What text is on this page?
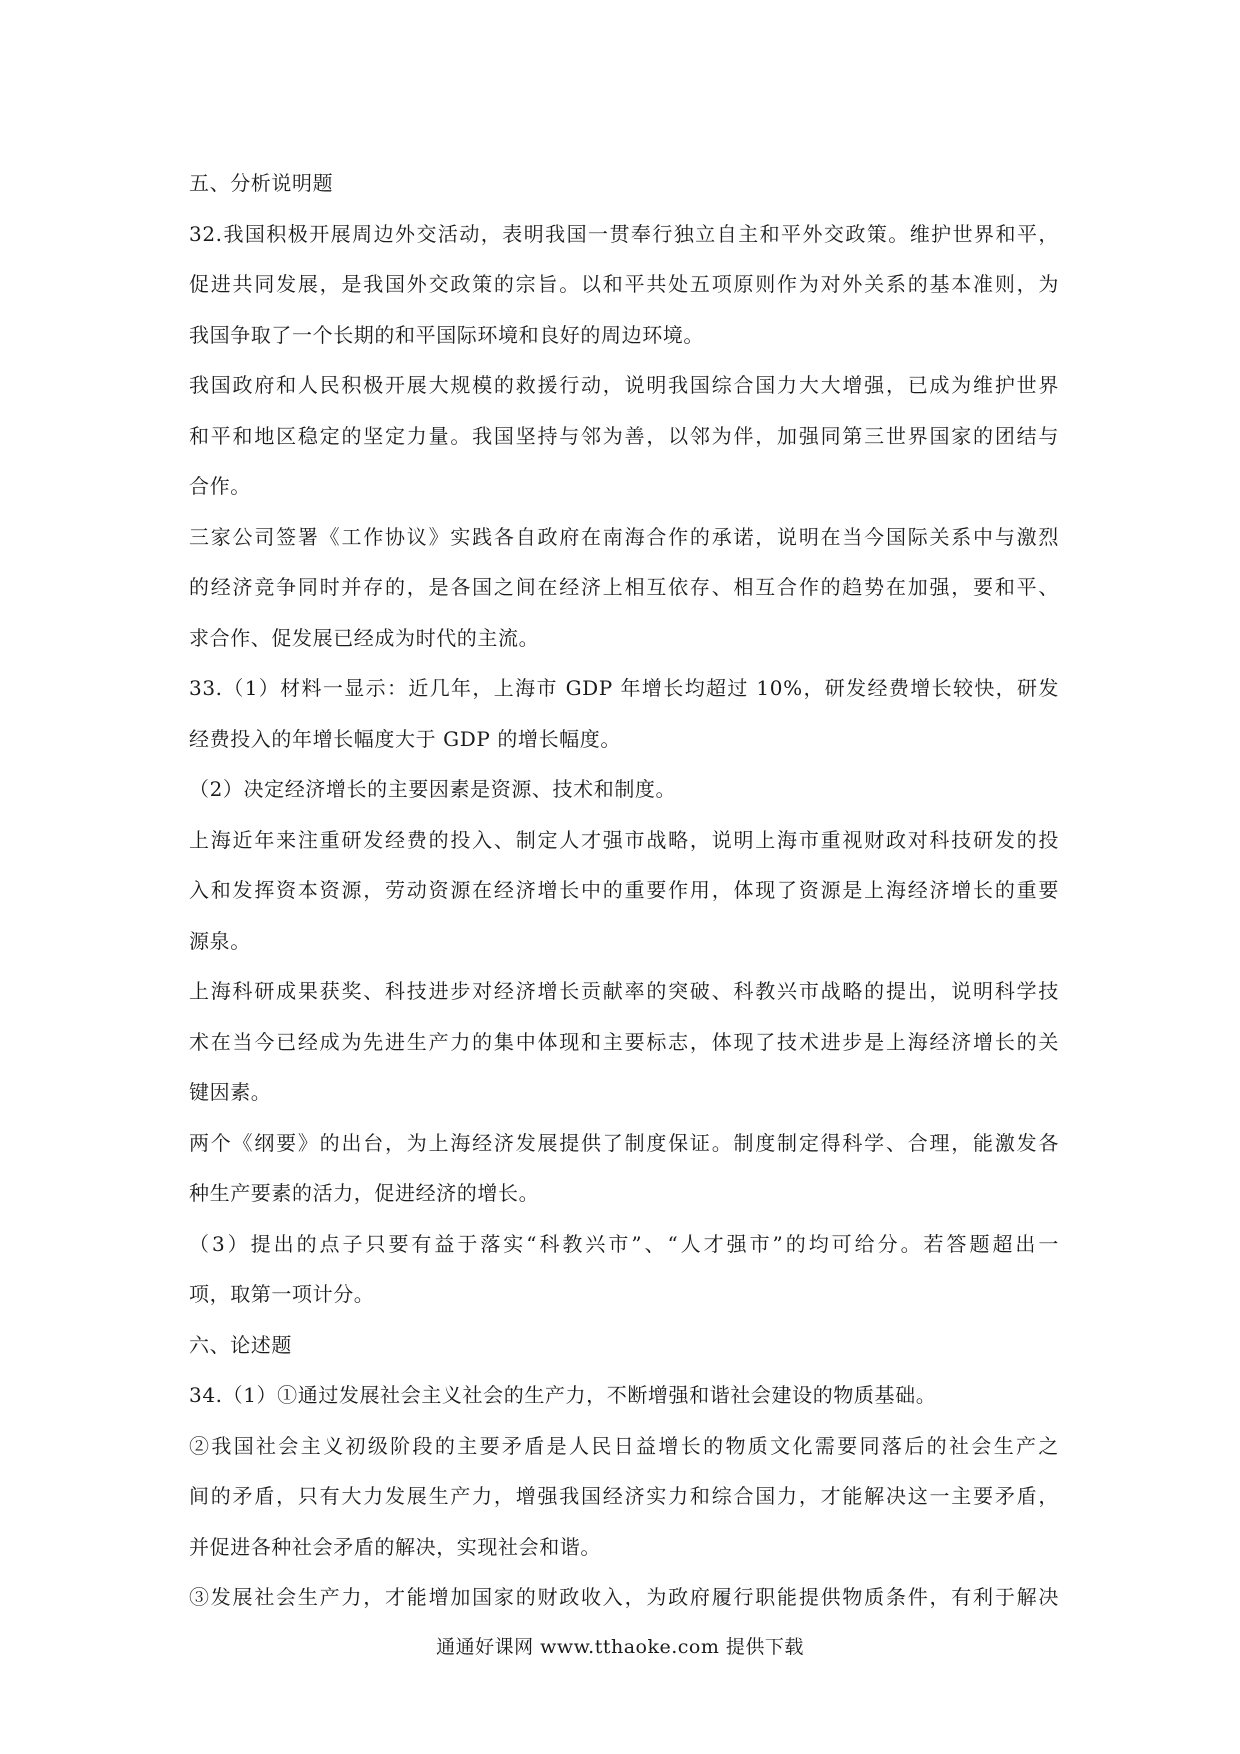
五、分析说明题
32.我国积极开展周边外交活动，表明我国一贯奉行独立自主和平外交政策。维护世界和平，
促进共同发展，是我国外交政策的宗旨。以和平共处五项原则作为对外关系的基本准则，为
我国争取了一个长期的和平国际环境和良好的周边环境。
我国政府和人民积极开展大规模的救援行动，说明我国综合国力大大增强，已成为维护世界
和平和地区稳定的坚定力量。我国坚持与邻为善，以邻为伴，加强同第三世界国家的团结与
合作。
三家公司签署《工作协议》实践各自政府在南海合作的承诺，说明在当今国际关系中与激烈
的经济竞争同时并存的，是各国之间在经济上相互依存、相互合作的趋势在加强，要和平、
求合作、促发展已经成为时代的主流。
33.（1）材料一显示：近几年，上海市 GDP 年增长均超过 10%，研发经费增长较快，研发
经费投入的年增长幅度大于 GDP 的增长幅度。
（2）决定经济增长的主要因素是资源、技术和制度。
上海近年来注重研发经费的投入、制定人才强市战略，说明上海市重视财政对科技研发的投
入和发挥资本资源，劳动资源在经济增长中的重要作用，体现了资源是上海经济增长的重要
源泉。
上海科研成果获奖、科技进步对经济增长贡献率的突破、科教兴市战略的提出，说明科学技
术在当今已经成为先进生产力的集中体现和主要标志，体现了技术进步是上海经济增长的关
键因素。
两个《纲要》的出台，为上海经济发展提供了制度保证。制度制定得科学、合理，能激发各
种生产要素的活力，促进经济的增长。
（3）提出的点子只要有益于落实“科教兴市”、“人才强市”的均可给分。若答题超出一
项，取第一项计分。
六、论述题
34.（1）①通过发展社会主义社会的生产力，不断增强和谐社会建设的物质基础。
②我国社会主义初级阶段的主要矛盾是人民日益增长的物质文化需要同落后的社会生产之
间的矛盾，只有大力发展生产力，增强我国经济实力和综合国力，才能解决这一主要矛盾，
并促进各种社会矛盾的解决，实现社会和谐。
③发展社会生产力，才能增加国家的财政收入，为政府履行职能提供物质条件，有利于解决
通通好课网 www.tthaoke.com 提供下载
